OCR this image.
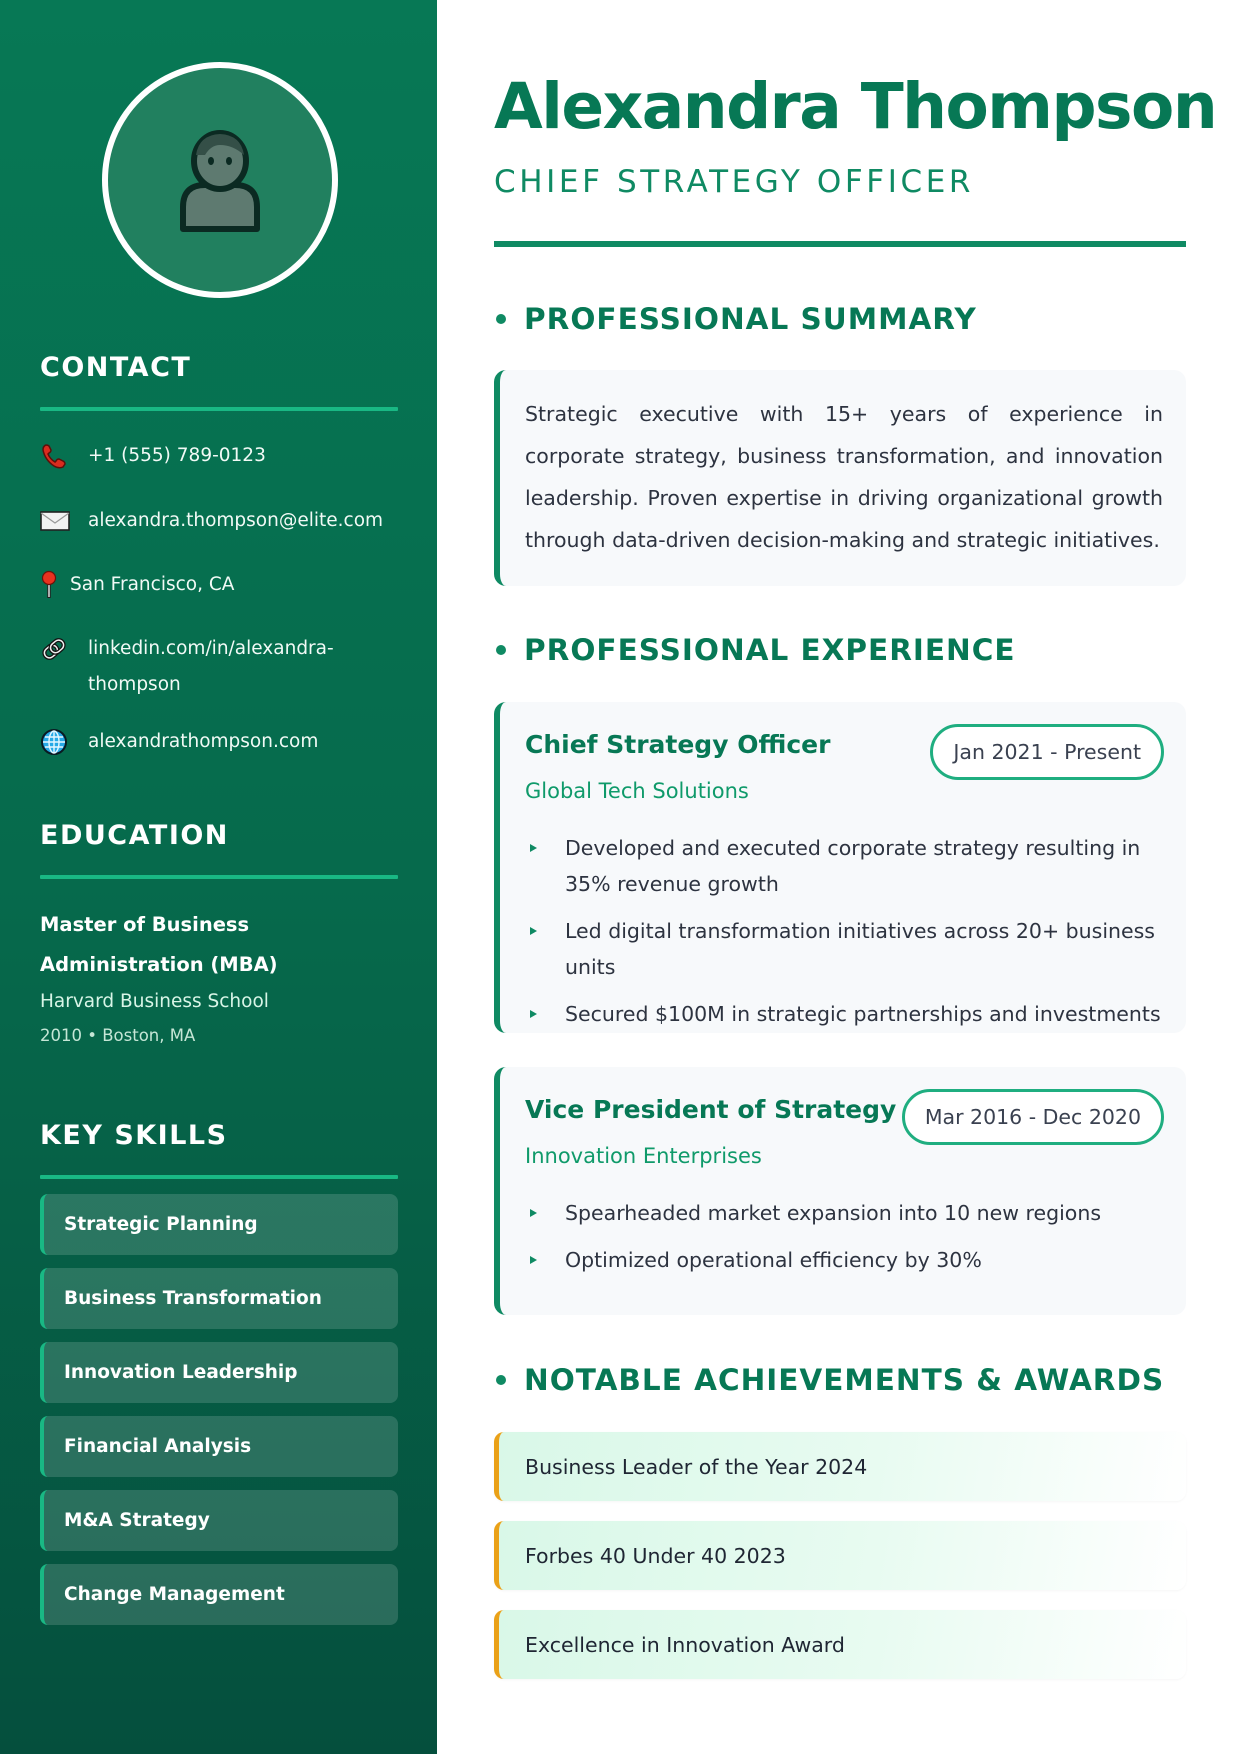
CONTACT
+1 (555) 789-0123
alexandra.thompson@elite.com
San Francisco, CA
linkedin.com/in/alexandra-thompson
alexandrathompson.com
EDUCATION
Master of Business Administration (MBA)
Harvard Business School
2010 • Boston, MA
KEY SKILLS
Strategic Planning
Business Transformation
Innovation Leadership
Financial Analysis
M&A Strategy
Change Management
Alexandra Thompson
CHIEF STRATEGY OFFICER
PROFESSIONAL SUMMARY

Strategic executive with 15+ years of experience in corporate strategy, business transformation, and innovation leadership. Proven expertise in driving organizational growth through data-driven decision-making and strategic initiatives.

PROFESSIONAL EXPERIENCE
Chief Strategy Officer	Jan 2021 - Present
Global Tech Solutions
Developed and executed corporate strategy resulting in 35% revenue growth
Led digital transformation initiatives across 20+ business units
Secured $100M in strategic partnerships and investments
Vice President of Strategy	Mar 2016 - Dec 2020
Innovation Enterprises
Spearheaded market expansion into 10 new regions
Optimized operational efficiency by 30%
NOTABLE ACHIEVEMENTS & AWARDS
Business Leader of the Year 2024
Forbes 40 Under 40 2023
Excellence in Innovation Award
